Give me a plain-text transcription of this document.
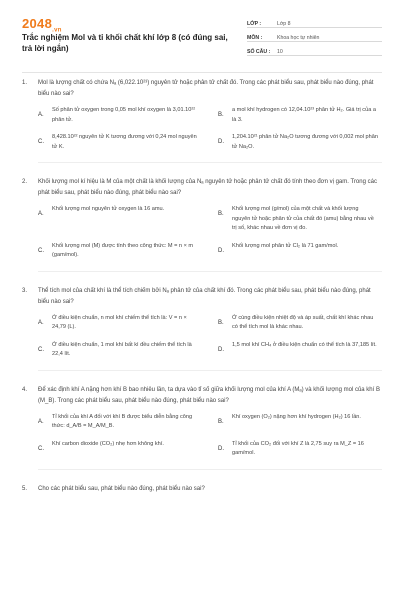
$2048_{.vn}$
Trắc nghiệm Mol và tỉ khối chất khí lớp 8 (có đúng sai, trả lời ngắn)
LỚP :	Lớp 8
MÔN :	Khoa học tự nhiên
SỐ CÂU :	10
1.	Mol là lượng chất có chứa Nₐ (6,022.10²³) nguyên tử hoặc phân tử chất đó. Trong các phát biểu sau, phát biểu nào đúng, phát biểu nào sai?
A.
Số phân tử oxygen trong 0,05 mol khí oxygen là 3,01.10²² phân tử.
B.
a mol khí hydrogen có 12,04.10²³ phân tử H₂. Giá trị của a là 3.
C.
8,428.10²² nguyên tử K tương đương với 0,24 mol nguyên tử K.
D.
1,204.10²¹ phân tử Na₂O tương đương với 0,002 mol phân tử Na₂O.
2.	Khối lượng mol kí hiệu là M của một chất là khối lượng của Nₐ nguyên tử hoặc phân tử chất đó tính theo đơn vị gam. Trong các phát biểu sau, phát biểu nào đúng, phát biểu nào sai?
A.
Khối lượng mol nguyên tử oxygen là 16 amu.
B.
Khối lượng mol (g/mol) của một chất và khối lượng nguyên tử hoặc phân tử của chất đó (amu) bằng nhau về trị số, khác nhau về đơn vị đo.
C.
Khối lượng mol (M) được tính theo công thức: M = n × m (gam/mol).
D.
Khối lượng mol phân tử Cl₂ là 71 gam/mol.
3.	Thể tích mol của chất khí là thể tích chiếm bởi Nₐ phân tử của chất khí đó. Trong các phát biểu sau, phát biểu nào đúng, phát biểu nào sai?
A.
Ở điều kiện chuẩn, n mol khí chiếm thể tích là: V = n × 24,79 (L).
B.
Ở cùng điều kiện nhiệt độ và áp suất, chất khí khác nhau có thể tích mol là khác nhau.
C.
Ở điều kiện chuẩn, 1 mol khí bất kì đều chiếm thể tích là 22,4 lít.
D.
1,5 mol khí CH₄ ở điều kiện chuẩn có thể tích là 37,185 lít.
4.	Để xác định khí A nặng hơn khí B bao nhiêu lần, ta dựa vào tỉ số giữa khối lượng mol của khí A (Mₐ) và khối lượng mol của khí B (M_B). Trong các phát biểu sau, phát biểu nào đúng, phát biểu nào sai?
A.
Tỉ khối của khí A đối với khí B được biểu diễn bằng công thức: d_A/B = M_A/M_B.
B.
Khí oxygen (O₂) nặng hơn khí hydrogen (H₂) 16 lần.
C.
Khí carbon dioxide (CO₂) nhẹ hơn không khí.
D.
Tỉ khối của CO₂ đối với khí Z là 2,75 suy ra M_Z = 16 gam/mol.
5.	Cho các phát biểu sau, phát biểu nào đúng, phát biểu nào sai?
